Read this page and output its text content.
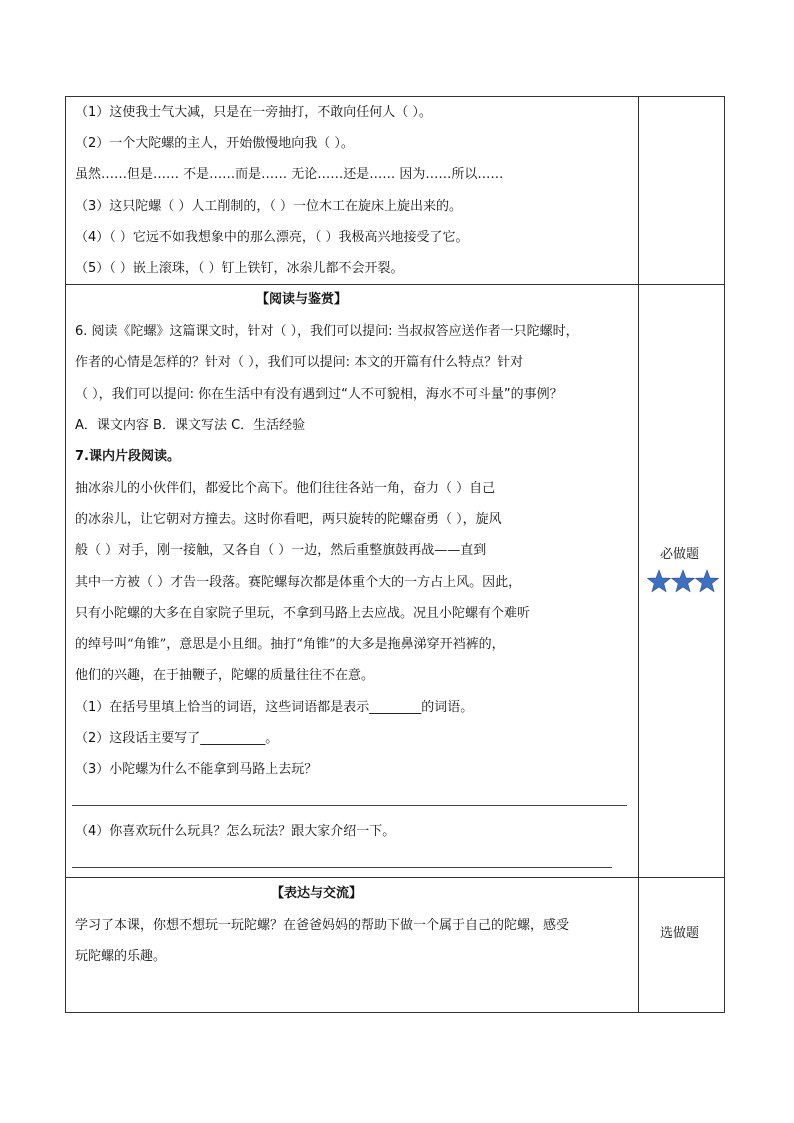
（1）这使我士气大减，只是在一旁抽打，不敢向任何人（ ）。
（2）一个大陀螺的主人，开始傲慢地向我（ ）。
虽然……但是…… 不是……而是…… 无论……还是…… 因为……所以……
（3）这只陀螺（ ）人工削制的，（ ）一位木工在旋床上旋出来的。
（4）（ ）它远不如我想象中的那么漂亮，（ ）我极高兴地接受了它。
（5）（ ）嵌上滚珠，（ ）钉上铁钉，冰尜儿都不会开裂。
【阅读与鉴赏】
6. 阅读《陀螺》这篇课文时，针对（ ），我们可以提问: 当叔叔答应送作者一只陀螺时，
作者的心情是怎样的？针对（ ），我们可以提问: 本文的开篇有什么特点？针对
（ ），我们可以提问: 你在生活中有没有遇到过“人不可貌相，海水不可斗量”的事例？
A．课文内容 B．课文写法 C．生活经验
7.课内片段阅读。
抽冰尜儿的小伙伴们，都爱比个高下。他们往往各站一角，奋力（ ）自己
的冰尜儿，让它朝对方撞去。这时你看吧，两只旋转的陀螺奋勇（ ），旋风
般（ ）对手，刚一接触，又各自（ ）一边，然后重整旗鼓再战——直到
其中一方被（ ）才告一段落。赛陀螺每次都是体重个大的一方占上风。因此，
只有小陀螺的大多在自家院子里玩，不拿到马路上去应战。况且小陀螺有个难听
的绰号叫“角锥”，意思是小且细。抽打“角锥”的大多是拖鼻涕穿开裆裤的，
他们的兴趣，在于抽鞭子，陀螺的质量往往不在意。
（1）在括号里填上恰当的词语，这些词语都是表示________的词语。
（2）这段话主要写了__________。
（3）小陀螺为什么不能拿到马路上去玩？
（4）你喜欢玩什么玩具？怎么玩法？跟大家介绍一下。
必做题
【表达与交流】
学习了本课，你想不想玩一玩陀螺？在爸爸妈妈的帮助下做一个属于自己的陀螺，感受
玩陀螺的乐趣。
选做题
